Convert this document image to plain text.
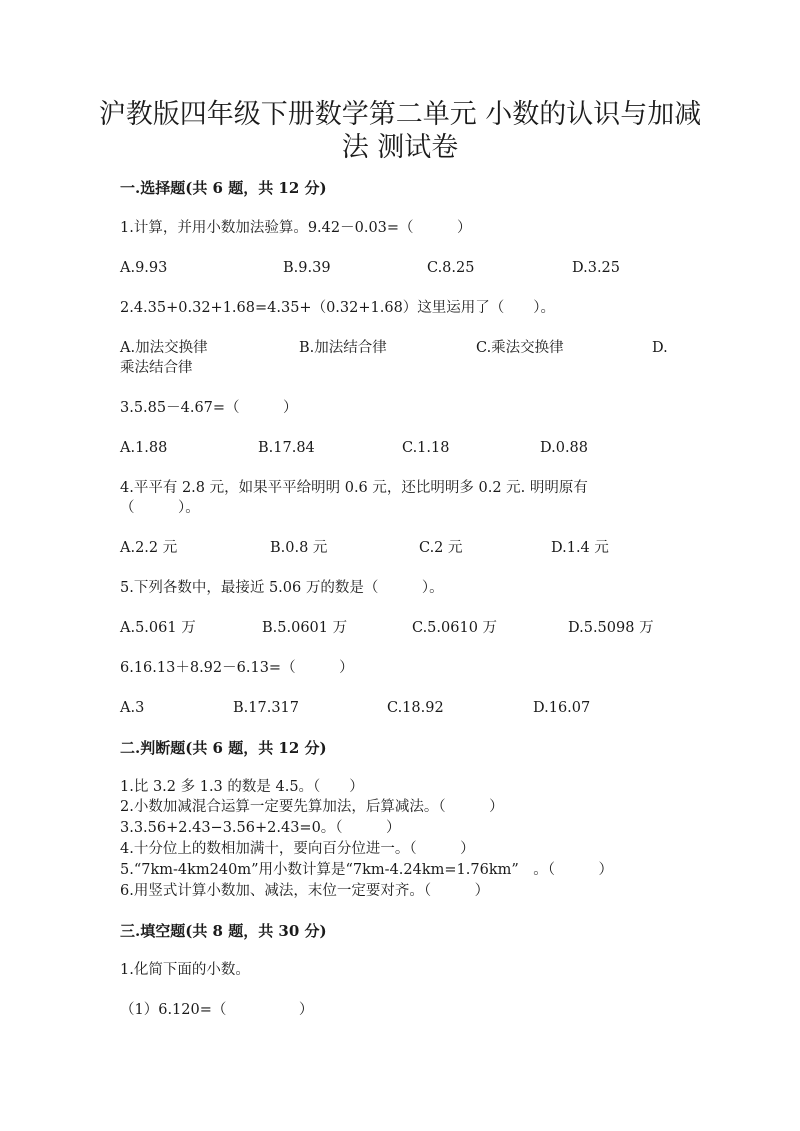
沪教版四年级下册数学第二单元 小数的认识与加减
法 测试卷
一.选择题(共 6 题，共 12 分)
1.计算，并用小数加法验算。9.42－0.03=（　　　）
A.9.93	B.9.39	C.8.25	D.3.25
2.4.35+0.32+1.68=4.35+（0.32+1.68）这里运用了（　　）。
A.加法交换律	B.加法结合律	C.乘法交换律	D.
乘法结合律
3.5.85－4.67=（　　　）
A.1.88	B.17.84	C.1.18	D.0.88
4.平平有 2.8 元，如果平平给明明 0.6 元，还比明明多 0.2 元. 明明原有
（　　　）。
A.2.2 元	B.0.8 元	C.2 元	D.1.4 元
5.下列各数中，最接近 5.06 万的数是（　　　）。
A.5.061 万	B.5.0601 万	C.5.0610 万	D.5.5098 万
6.16.13＋8.92－6.13=（　　　）
A.3	B.17.317	C.18.92	D.16.07
二.判断题(共 6 题，共 12 分)
1.比 3.2 多 1.3 的数是 4.5。（　　）
2.小数加减混合运算一定要先算加法，后算减法。（　　　）
3.3.56+2.43−3.56+2.43=0。（　　　）
4.十分位上的数相加满十，要向百分位进一。（　　　）
5.“7km-4km240m”用小数计算是“7km-4.24km=1.76km”　。（　　　）
6.用竖式计算小数加、减法，末位一定要对齐。（　　　）
三.填空题(共 8 题，共 30 分)
1.化简下面的小数。
（1）6.120=（　　　　　）
